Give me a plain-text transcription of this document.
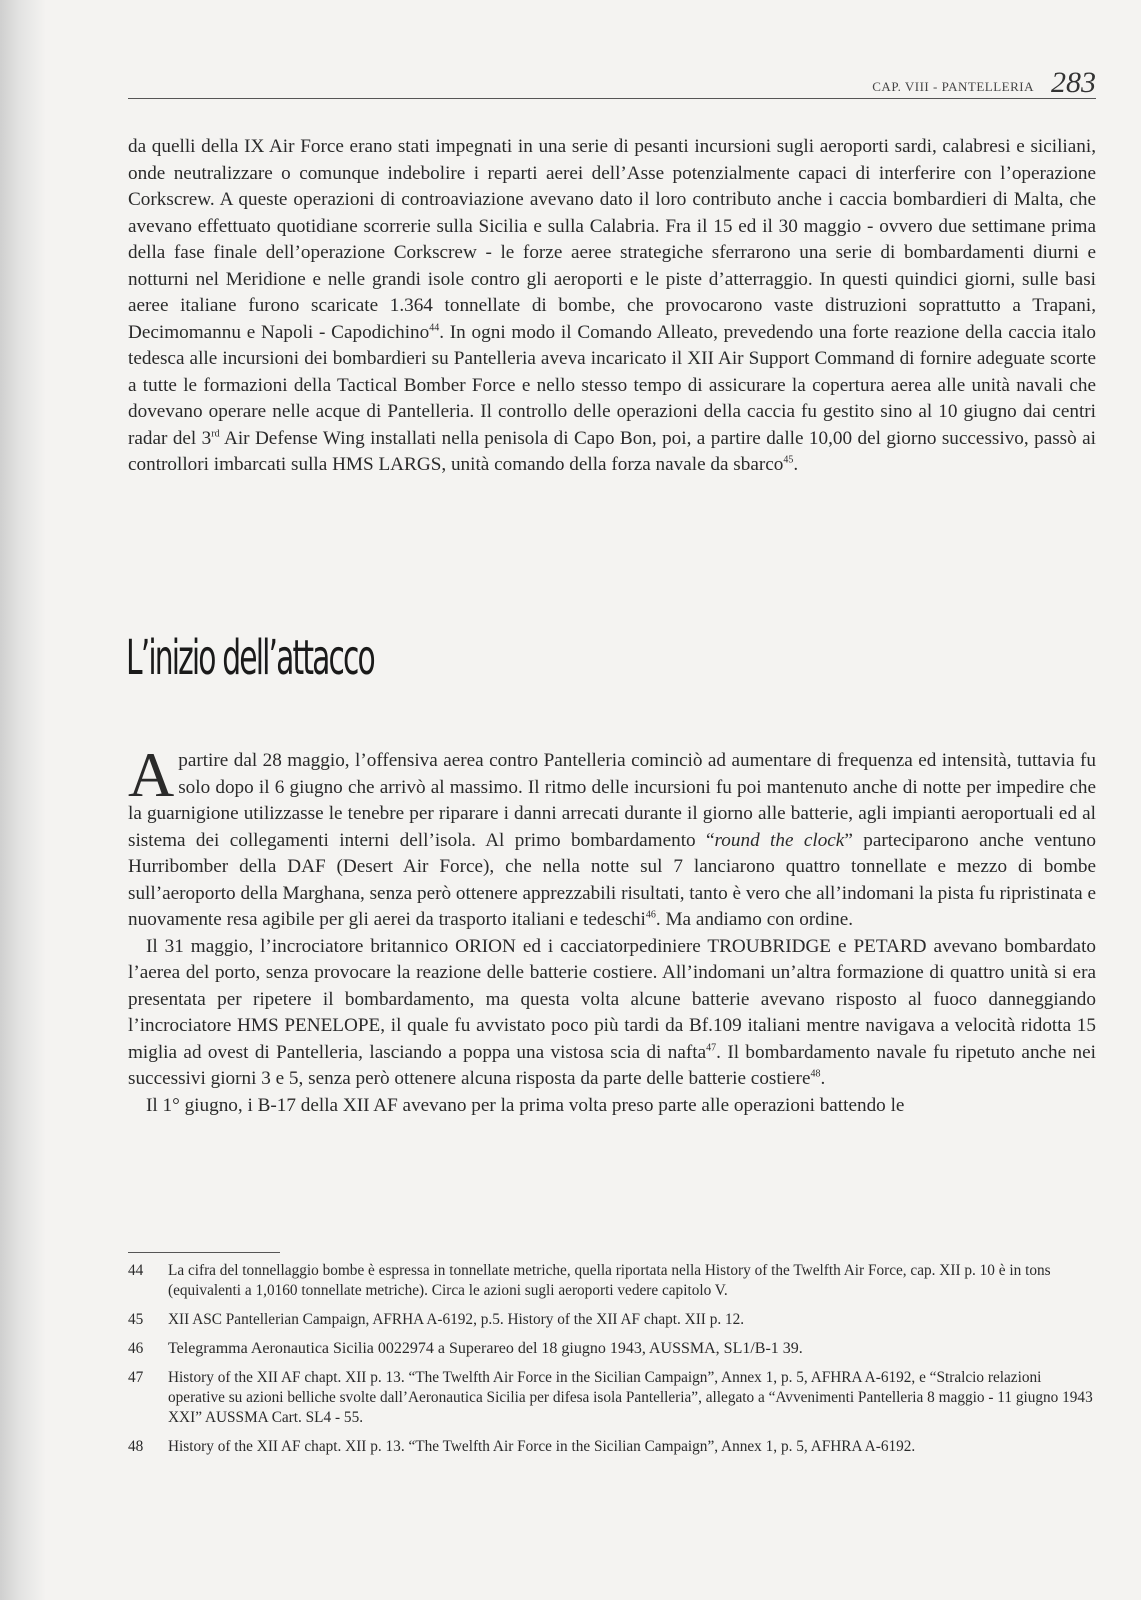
CAP. VIII - PANTELLERIA 283

da quelli della IX Air Force erano stati impegnati in una serie di pesanti incursioni sugli aeroporti sardi, calabresi e siciliani, onde neutralizzare o comunque indebolire i reparti aerei dell’Asse potenzialmente capaci di interferire con l’operazione Corkscrew. A queste operazioni di controaviazione avevano dato il loro contributo anche i caccia bombardieri di Malta, che avevano effettuato quotidiane scorrerie sulla Sicilia e sulla Calabria. Fra il 15 ed il 30 maggio - ovvero due settimane prima della fase finale dell’operazione Corkscrew - le forze aeree strategiche sferrarono una serie di bombardamenti diurni e notturni nel Meridione e nelle grandi isole contro gli aeroporti e le piste d’atterraggio. In questi quindici giorni, sulle basi aeree italiane furono scaricate 1.364 tonnellate di bombe, che provocarono vaste distruzioni soprattutto a Trapani, Decimomannu e Napoli - Capodichino$^{44}$. In ogni modo il Comando Alleato, prevedendo una forte reazione della caccia italo tedesca alle incursioni dei bombardieri su Pantelleria aveva incaricato il XII Air Support Command di fornire adeguate scorte a tutte le formazioni della Tactical Bomber Force e nello stesso tempo di assicurare la copertura aerea alle unità navali che dovevano operare nelle acque di Pantelleria. Il controllo delle operazioni della caccia fu gestito sino al 10 giugno dai centri radar del 3rd Air Defense Wing installati nella penisola di Capo Bon, poi, a partire dalle 10,00 del giorno successivo, passò ai controllori imbarcati sulla HMS LARGS, unità comando della forza navale da sbarco$^{45}$.

L’inizio dell’attacco

Apartire dal 28 maggio, l’offensiva aerea contro Pantelleria cominciò ad aumentare di frequenza ed intensità, tuttavia fu solo dopo il 6 giugno che arrivò al massimo. Il ritmo delle incursioni fu poi mantenuto anche di notte per impedire che la guarnigione utilizzasse le tenebre per riparare i danni arrecati durante il giorno alle batterie, agli impianti aeroportuali ed al sistema dei collegamenti interni dell’isola. Al primo bombardamento “round the clock” parteciparono anche ventuno Hurribomber della DAF (Desert Air Force), che nella notte sul 7 lanciarono quattro tonnellate e mezzo di bombe sull’aeroporto della Marghana, senza però ottenere apprezzabili risultati, tanto è vero che all’indomani la pista fu ripristinata e nuovamente resa agibile per gli aerei da trasporto italiani e tedeschi$^{46}$. Ma andiamo con ordine.

Il 31 maggio, l’incrociatore britannico ORION ed i cacciatorpediniere TROUBRIDGE e PETARD avevano bombardato l’aerea del porto, senza provocare la reazione delle batterie costiere. All’indomani un’altra formazione di quattro unità si era presentata per ripetere il bombardamento, ma questa volta alcune batterie avevano risposto al fuoco danneggiando l’incrociatore HMS PENELOPE, il quale fu avvistato poco più tardi da Bf.109 italiani mentre navigava a velocità ridotta 15 miglia ad ovest di Pantelleria, lasciando a poppa una vistosa scia di nafta$^{47}$. Il bombardamento navale fu ripetuto anche nei successivi giorni 3 e 5, senza però ottenere alcuna risposta da parte delle batterie costiere$^{48}$.

Il 1° giugno, i B-17 della XII AF avevano per la prima volta preso parte alle operazioni battendo le

44	La cifra del tonnellaggio bombe è espressa in tonnellate metriche, quella riportata nella History of the Twelfth Air Force, cap. XII p. 10 è in tons (equivalenti a 1,0160 tonnellate metriche). Circa le azioni sugli aeroporti vedere capitolo V.
45	XII ASC Pantellerian Campaign, AFRHA A-6192, p.5. History of the XII AF chapt. XII p. 12.
46	Telegramma Aeronautica Sicilia 0022974 a Superareo del 18 giugno 1943, AUSSMA, SL1/B-1 39.
47	History of the XII AF chapt. XII p. 13. “The Twelfth Air Force in the Sicilian Campaign”, Annex 1, p. 5, AFHRA A-6192, e “Stralcio relazioni operative su azioni belliche svolte dall’Aeronautica Sicilia per difesa isola Pantelleria”, allegato a “Avvenimenti Pantelleria 8 maggio - 11 giugno 1943 XXI” AUSSMA Cart. SL4 - 55.
48	History of the XII AF chapt. XII p. 13. “The Twelfth Air Force in the Sicilian Campaign”, Annex 1, p. 5, AFHRA A-6192.
